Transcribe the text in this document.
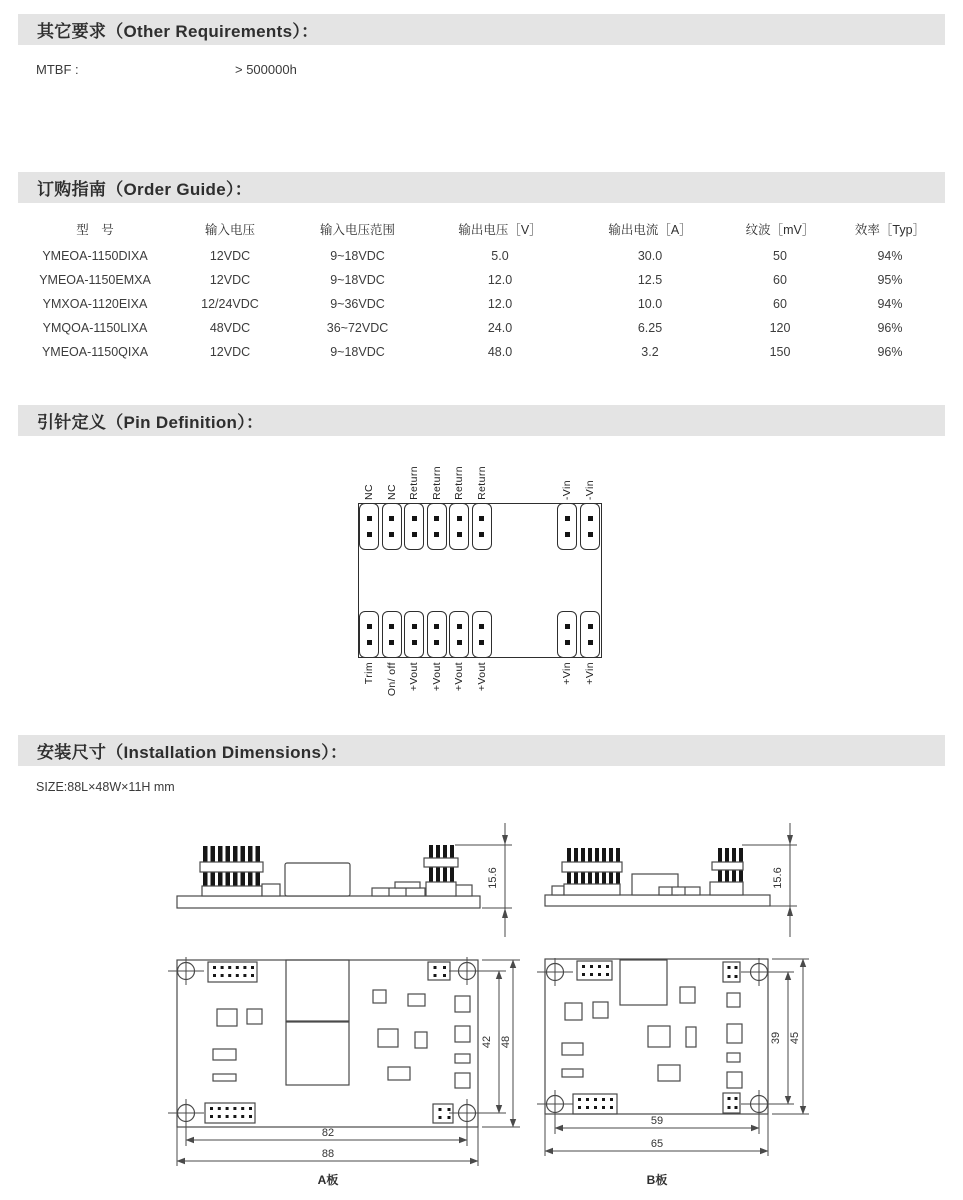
其它要求（Other Requirements）：
MTBF :	> 500000h
订购指南（Order Guide）：
型　号	输入电压	输入电压范围	输出电压［V］	输出电流［A］	纹波［mV］	效率［Typ］
YMEOA-1150DIXA	12VDC	9~18VDC	5.0	30.0	50	94%
YMEOA-1150EMXA	12VDC	9~18VDC	12.0	12.5	60	95%
YMXOA-1120EIXA	12/24VDC	9~36VDC	12.0	10.0	60	94%
YMQOA-1150LIXA	48VDC	36~72VDC	24.0	6.25	120	96%
YMEOA-1150QIXA	12VDC	9~18VDC	48.0	3.2	150	96%
引针定义（Pin Definition）：
NC NC Return Return Return Return	-Vin -Vin
Trim On/ off +Vout +Vout +Vout +Vout	+Vin +Vin
安装尺寸（Installation Dimensions）：
SIZE:88L×48W×11H mm
15.6	15.6
42 48
82
88
A板
39 45
59
65
B板
